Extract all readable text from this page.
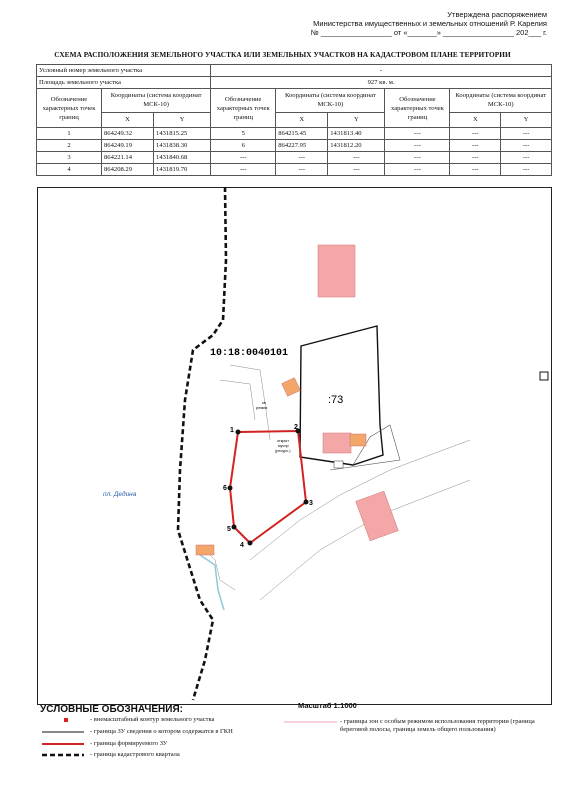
Утверждена распоряжением
Министерства имущественных и земельных отношений Р. Карелия
№ _________________ от «_______» _________________ 202___ г.
СХЕМА РАСПОЛОЖЕНИЯ ЗЕМЕЛЬНОГО УЧАСТКА ИЛИ ЗЕМЕЛЬНЫХ УЧАСТКОВ НА КАДАСТРОВОМ ПЛАНЕ ТЕРРИТОРИИ
Условный номер земельного участка			-					
Площадь земельного участка			927 кв. м.					
Обозначение характерных точек границ	Координаты (система координат МСК-10)		Обозначение характерных точек границ	Координаты (система координат МСК-10)		Обозначение характерных точек границ	Координаты (система координат МСК-10)	
	X	Y		X	Y		X	Y
1	864249.32	1431815.25	5	864215.45	1431813.40	---	---	---
2	864249.19	1431838.30	6	864227.95	1431812.20	---	---	---
3	864221.14	1431840.68	---	---	---	---	---	---
4	864208.29	1431819.70	---	---	---	---	---	---
1	2
3
4
5
6
10:18:0040101
:73
пл. Дедина
кн ремиз
открыт мусор (ресурс.)
УСЛОВНЫЕ ОБОЗНАЧЕНИЯ:	Масштаб 1:1000
- внемасштабный контур земельного участка
- граница ЗУ сведения о котором содержатся в ГКН
- граница формируемого ЗУ
- граница кадастрового квартала
- границы зон с особым режимом использования территории (граница береговой полосы, граница земель общего пользования)
